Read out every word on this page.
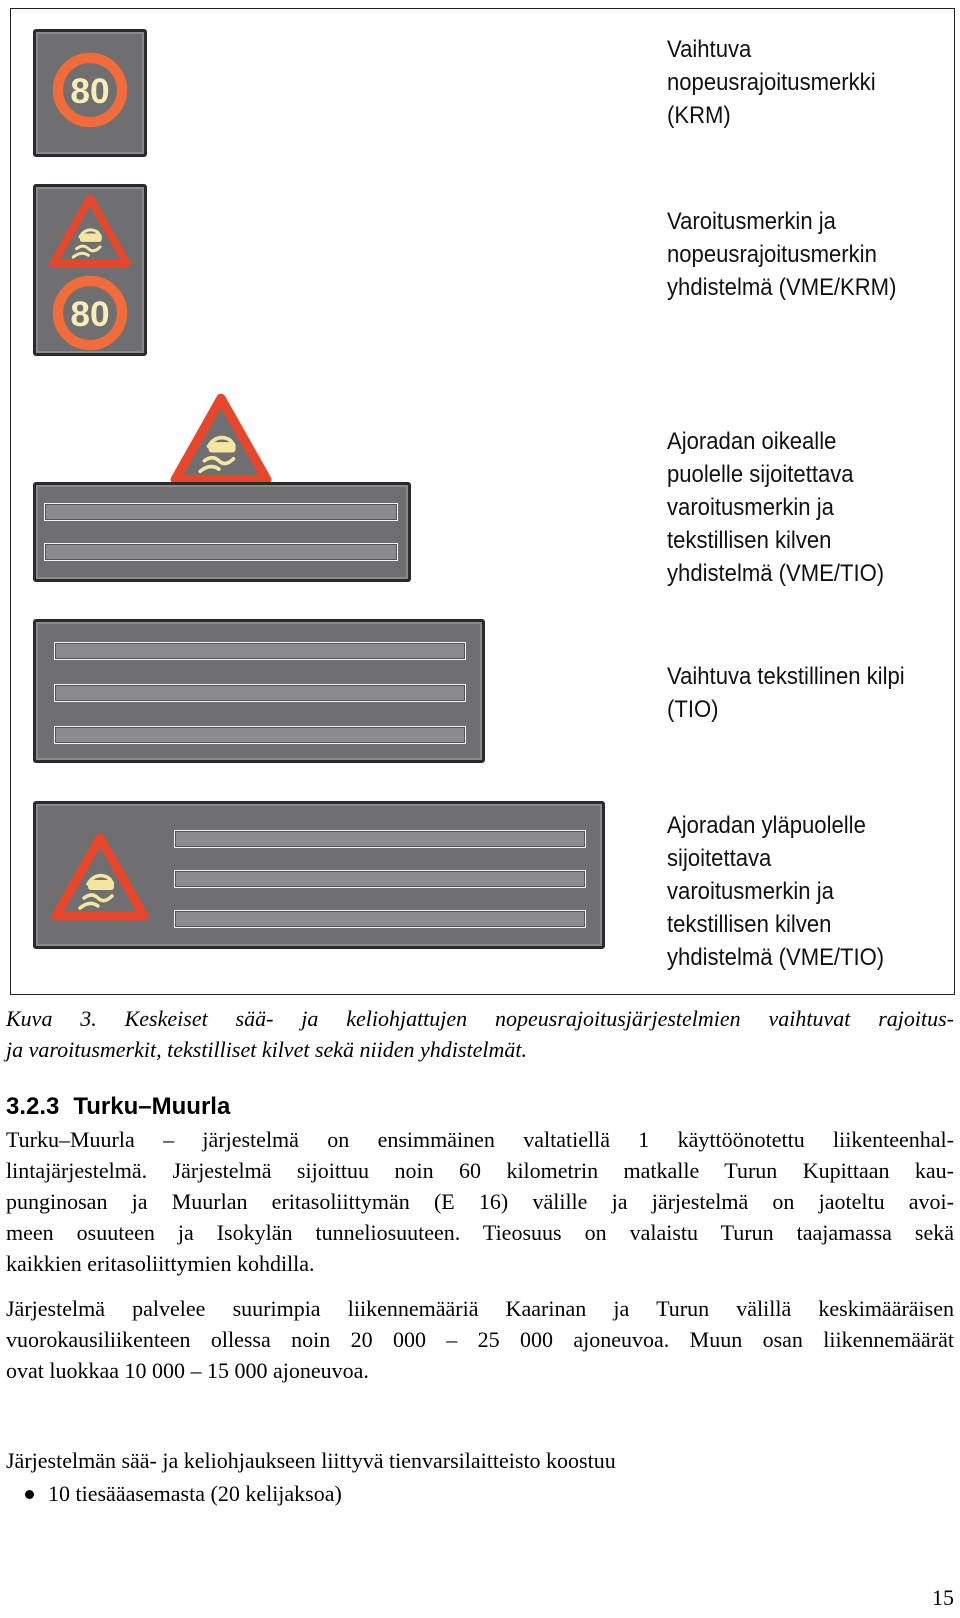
80
80

Vaihtuva
nopeusrajoitusmerkki
(KRM)

Varoitusmerkin ja
nopeusrajoitusmerkin
yhdistelmä (VME/KRM)

Ajoradan oikealle
puolelle sijoitettava
varoitusmerkin ja
tekstillisen kilven
yhdistelmä (VME/TIO)

Vaihtuva tekstillinen kilpi
(TIO)

Ajoradan yläpuolelle
sijoitettava
varoitusmerkin ja
tekstillisen kilven
yhdistelmä (VME/TIO)

Kuva 3. Keskeiset sää- ja keliohjattujen nopeusrajoitusjärjestelmien vaihtuvat rajoitus-
ja varoitusmerkit, tekstilliset kilvet sekä niiden yhdistelmät.

3.2.3 Turku–Muurla

Turku–Muurla – järjestelmä on ensimmäinen valtatiellä 1 käyttöönotettu liikenteenhal-
lintajärjestelmä. Järjestelmä sijoittuu noin 60 kilometrin matkalle Turun Kupittaan kau-
punginosan ja Muurlan eritasoliittymän (E 16) välille ja järjestelmä on jaoteltu avoi-
meen osuuteen ja Isokylän tunneliosuuteen. Tieosuus on valaistu Turun taajamassa sekä
kaikkien eritasoliittymien kohdilla.

Järjestelmä palvelee suurimpia liikennemääriä Kaarinan ja Turun välillä keskimääräisen
vuorokausiliikenteen ollessa noin 20 000 – 25 000 ajoneuvoa. Muun osan liikennemäärät
ovat luokkaa 10 000 – 15 000 ajoneuvoa.

Järjestelmän sää- ja keliohjaukseen liittyvä tienvarsilaitteisto koostuu

10 tiesääasemasta (20 kelijaksoa)

15
